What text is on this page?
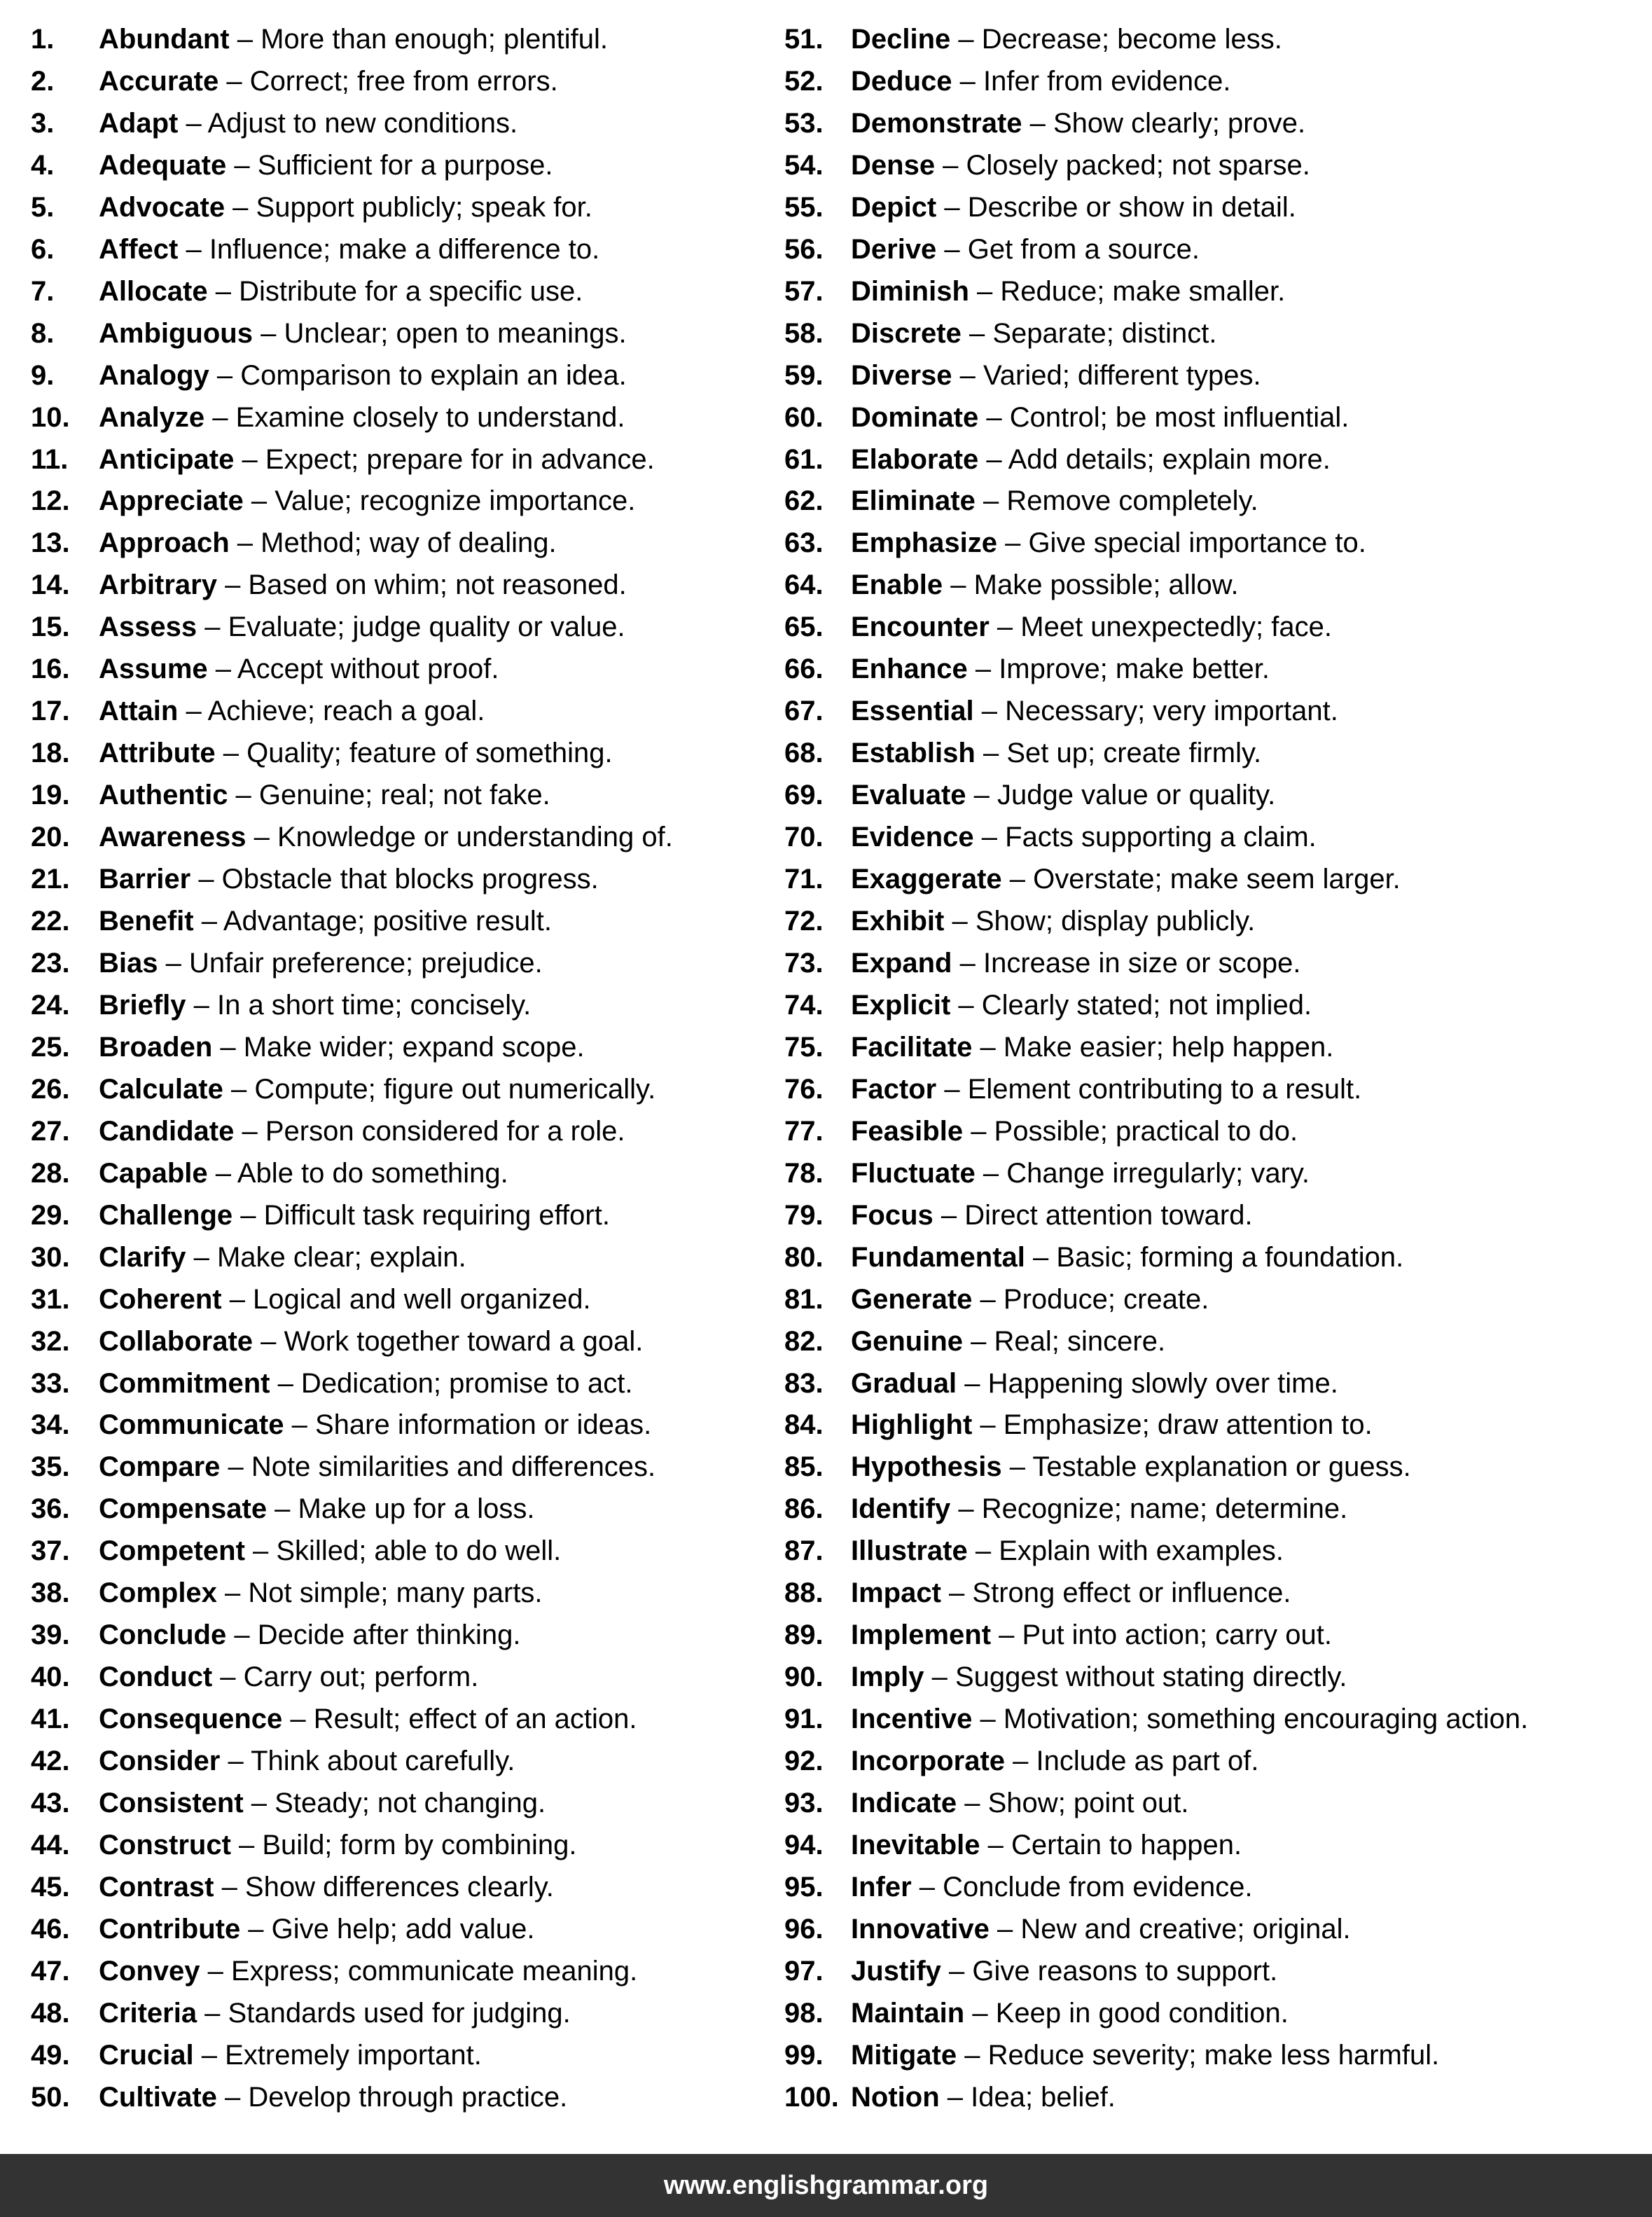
1. Abundant – More than enough; plentiful.
2. Accurate – Correct; free from errors.
3. Adapt – Adjust to new conditions.
4. Adequate – Sufficient for a purpose.
5. Advocate – Support publicly; speak for.
6. Affect – Influence; make a difference to.
7. Allocate – Distribute for a specific use.
8. Ambiguous – Unclear; open to meanings.
9. Analogy – Comparison to explain an idea.
10. Analyze – Examine closely to understand.
11. Anticipate – Expect; prepare for in advance.
12. Appreciate – Value; recognize importance.
13. Approach – Method; way of dealing.
14. Arbitrary – Based on whim; not reasoned.
15. Assess – Evaluate; judge quality or value.
16. Assume – Accept without proof.
17. Attain – Achieve; reach a goal.
18. Attribute – Quality; feature of something.
19. Authentic – Genuine; real; not fake.
20. Awareness – Knowledge or understanding of.
21. Barrier – Obstacle that blocks progress.
22. Benefit – Advantage; positive result.
23. Bias – Unfair preference; prejudice.
24. Briefly – In a short time; concisely.
25. Broaden – Make wider; expand scope.
26. Calculate – Compute; figure out numerically.
27. Candidate – Person considered for a role.
28. Capable – Able to do something.
29. Challenge – Difficult task requiring effort.
30. Clarify – Make clear; explain.
31. Coherent – Logical and well organized.
32. Collaborate – Work together toward a goal.
33. Commitment – Dedication; promise to act.
34. Communicate – Share information or ideas.
35. Compare – Note similarities and differences.
36. Compensate – Make up for a loss.
37. Competent – Skilled; able to do well.
38. Complex – Not simple; many parts.
39. Conclude – Decide after thinking.
40. Conduct – Carry out; perform.
41. Consequence – Result; effect of an action.
42. Consider – Think about carefully.
43. Consistent – Steady; not changing.
44. Construct – Build; form by combining.
45. Contrast – Show differences clearly.
46. Contribute – Give help; add value.
47. Convey – Express; communicate meaning.
48. Criteria – Standards used for judging.
49. Crucial – Extremely important.
50. Cultivate – Develop through practice.
51. Decline – Decrease; become less.
52. Deduce – Infer from evidence.
53. Demonstrate – Show clearly; prove.
54. Dense – Closely packed; not sparse.
55. Depict – Describe or show in detail.
56. Derive – Get from a source.
57. Diminish – Reduce; make smaller.
58. Discrete – Separate; distinct.
59. Diverse – Varied; different types.
60. Dominate – Control; be most influential.
61. Elaborate – Add details; explain more.
62. Eliminate – Remove completely.
63. Emphasize – Give special importance to.
64. Enable – Make possible; allow.
65. Encounter – Meet unexpectedly; face.
66. Enhance – Improve; make better.
67. Essential – Necessary; very important.
68. Establish – Set up; create firmly.
69. Evaluate – Judge value or quality.
70. Evidence – Facts supporting a claim.
71. Exaggerate – Overstate; make seem larger.
72. Exhibit – Show; display publicly.
73. Expand – Increase in size or scope.
74. Explicit – Clearly stated; not implied.
75. Facilitate – Make easier; help happen.
76. Factor – Element contributing to a result.
77. Feasible – Possible; practical to do.
78. Fluctuate – Change irregularly; vary.
79. Focus – Direct attention toward.
80. Fundamental – Basic; forming a foundation.
81. Generate – Produce; create.
82. Genuine – Real; sincere.
83. Gradual – Happening slowly over time.
84. Highlight – Emphasize; draw attention to.
85. Hypothesis – Testable explanation or guess.
86. Identify – Recognize; name; determine.
87. Illustrate – Explain with examples.
88. Impact – Strong effect or influence.
89. Implement – Put into action; carry out.
90. Imply – Suggest without stating directly.
91. Incentive – Motivation; something encouraging action.
92. Incorporate – Include as part of.
93. Indicate – Show; point out.
94. Inevitable – Certain to happen.
95. Infer – Conclude from evidence.
96. Innovative – New and creative; original.
97. Justify – Give reasons to support.
98. Maintain – Keep in good condition.
99. Mitigate – Reduce severity; make less harmful.
100. Notion – Idea; belief.
www.englishgrammar.org
